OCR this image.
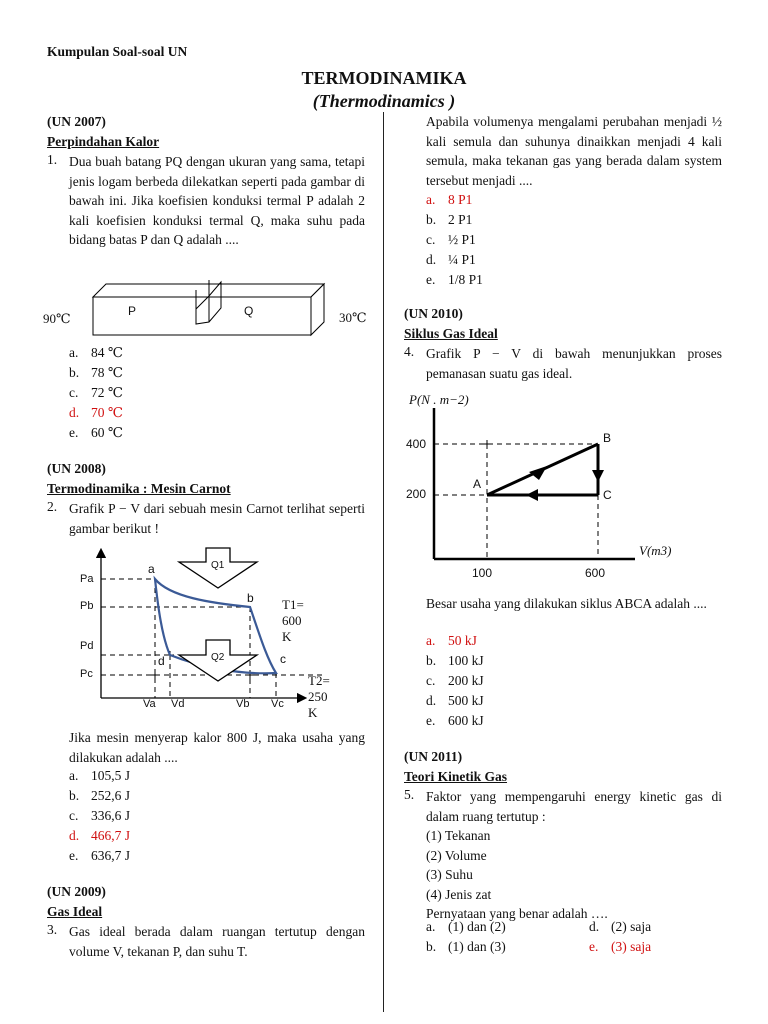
Kumpulan Soal-soal UN
TERMODINAMIKA
(Thermodinamics )
(UN 2007)
Perpindahan Kalor
1. Dua buah batang PQ dengan ukuran yang sama, tetapi jenis logam berbeda dilekatkan seperti pada gambar di bawah ini. Jika koefisien konduksi termal P adalah 2 kali koefisien konduksi termal Q, maka suhu pada bidang batas P dan Q adalah ....
90℃	30℃
P	Q
a. 84 ℃
b. 78 ℃
c. 72 ℃
d. 70 ℃
e. 60 ℃
(UN 2008)
Termodinamika : Mesin Carnot
2. Grafik P − V dari sebuah mesin Carnot terlihat seperti gambar berikut !
Pa
Pb
Pd
Pc
a
b
c
d
Q1
Q2
T1= 600 K
T2= 250 K
Va Vd	Vb Vc
Jika mesin menyerap kalor 800 J, maka usaha yang dilakukan adalah ....
a. 105,5 J
b. 252,6 J
c. 336,6 J
d. 466,7 J
e. 636,7 J
(UN 2009)
Gas Ideal
3. Gas ideal berada dalam ruangan tertutup dengan volume V, tekanan P, dan suhu T.
Apabila volumenya mengalami perubahan menjadi ½ kali semula dan suhunya dinaikkan menjadi 4 kali semula, maka tekanan gas yang berada dalam system tersebut menjadi ....
a. 8 P1
b. 2 P1
c. ½ P1
d. ¼ P1
e. 1/8 P1
(UN 2010)
Siklus Gas Ideal
4. Grafik P − V di bawah menunjukkan proses pemanasan suatu gas ideal.
P(N . m−2)
V(m3)
400
200
100	600
A
B
C
Besar usaha yang dilakukan siklus ABCA adalah ....
a. 50 kJ
b. 100 kJ
c. 200 kJ
d. 500 kJ
e. 600 kJ
(UN 2011)
Teori Kinetik Gas
5. Faktor yang mempengaruhi energy kinetic gas di dalam ruang tertutup :
(1) Tekanan
(2) Volume
(3) Suhu
(4) Jenis zat
Pernyataan yang benar adalah ….
a. (1) dan (2)	d. (2) saja
b. (1) dan (3)	e. (3) saja
